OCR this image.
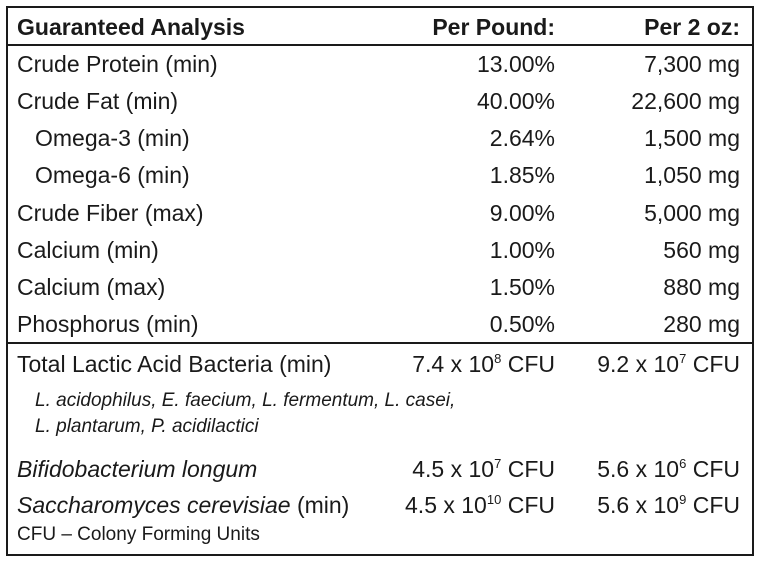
Guaranteed Analysis	Per Pound:	Per 2 oz:
Crude Protein (min)	13.00%	7,300 mg
Crude Fat (min)	40.00%	22,600 mg
Omega-3 (min)	2.64%	1,500 mg
Omega-6 (min)	1.85%	1,050 mg
Crude Fiber (max)	9.00%	5,000 mg
Calcium (min)	1.00%	560 mg
Calcium (max)	1.50%	880 mg
Phosphorus (min)	0.50%	280 mg
Total Lactic Acid Bacteria (min)	7.4 x $10^8$ CFU 9.2 x $10^7$ CFU
L. acidophilus, E. faecium, L. fermentum, L. casei,
L. plantarum, P. acidilactici
Bifidobacterium longum	4.5 x $10^7$ CFU 5.6 x $10^6$ CFU
Saccharomyces cerevisiae (min) 4.5 x $10^{10}$ CFU 5.6 x $10^9$ CFU
CFU – Colony Forming Units
